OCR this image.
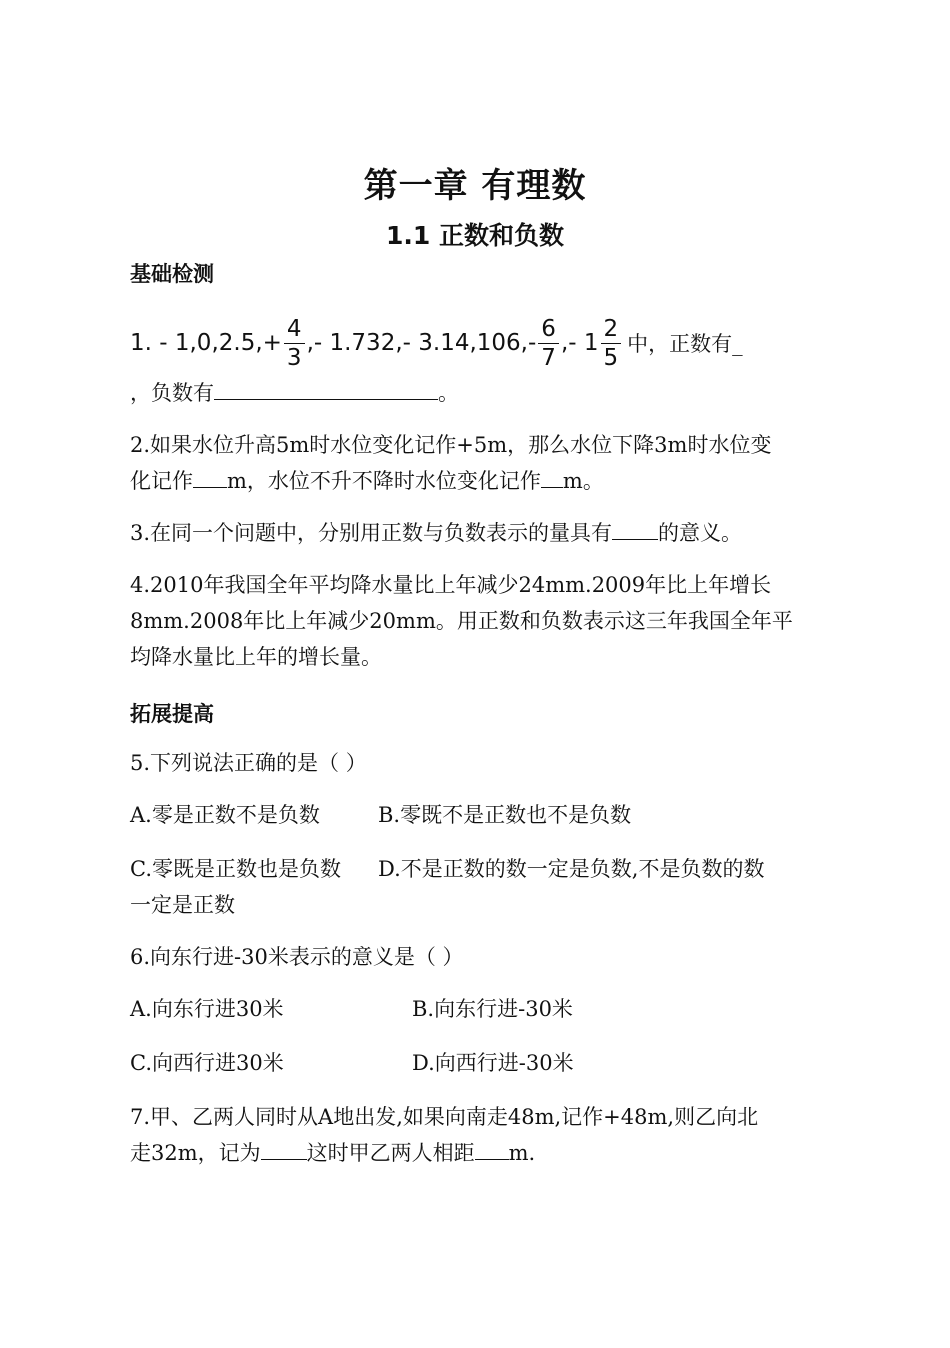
第一章 有理数
1.1 正数和负数
基础检测
1. - $1,0,2.5,+ \frac{4}{3}$ ,- 1.732,- $3.14,106,- \frac{6}{7}$ ,- $1 \frac{2}{5}$ 中，正数有_
，负数有	。
2.如果水位升高5m时水位变化记作+5m，那么水位下降3m时水位变
化记作 m，水位不升不降时水位变化记作 m。
3.在同一个问题中，分别用正数与负数表示的量具有 的意义。
4.2010年我国全年平均降水量比上年减少24mm.2009年比上年增长
8mm.2008年比上年减少20mm。用正数和负数表示这三年我国全年平
均降水量比上年的增长量。
拓展提高
5.下列说法正确的是（ ）
A.零是正数不是负数	B.零既不是正数也不是负数
C.零既是正数也是负数 D.不是正数的数一定是负数,不是负数的数
一定是正数
6.向东行进-30米表示的意义是（ ）
A.向东行进30米	B.向东行进-30米
C.向西行进30米	D.向西行进-30米
7.甲、乙两人同时从A地出发,如果向南走48m,记作+48m,则乙向北
走32m，记为 这时甲乙两人相距 m.
